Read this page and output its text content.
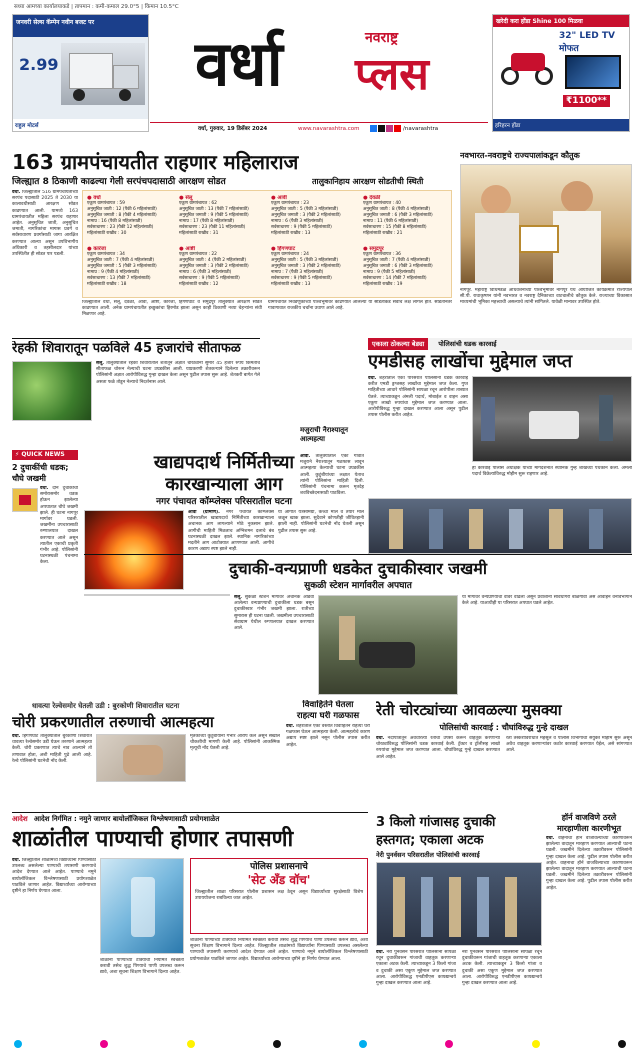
सध्या आमच्या कार्यालयाकडे | तापमान : कमी-कमाल 29.0°5 | किमान 10.5°C
जनवरी सेल्स कॅम्पेन नवीन बजट पर
2.99
राहुल मोटर्स
वर्धा	नवराष्ट्र
प्लस
वर्धा, गुरुवार, 19 डिसेंबर 2024	www.navarashtra.com	/navarashtra
खरेदी करा होंडा Shine 100 मिळवा
32" LED TV मोफत
₹1100**
हरिहरन होंडा
163 ग्रामपंचायतीत राहणार महिलाराज
जिल्ह्यात 8 ठिकाणी काढल्या गेली सरपंचपदासाठी आरक्षण सोडत	तालुकानिहाय आरक्षण सोडतीची स्थिती
वर्धा. जिल्ह्यातील 516 ग्रामपंचायतीच्या सरपंच पदासाठी 2025 ते 2030 या कालावधीसाठी आरक्षण सोडत काढण्यात आली. यामध्ये 163 ग्रामपंचायतीत महिला सरपंच राहणार आहेत. अनुसूचित जाती, अनुसूचित जमाती, नागरिकांचा मागास प्रवर्ग व सर्वसाधारण प्रवर्गासाठी जागा आरक्षित करण्यात आल्या असून उपविभागीय अधिकारी व तहसीलदार यांच्या उपस्थितीत ही सोडत पार पडली.
● वर्धा
एकूण ग्रामपंचायत : 59
अनुसूचित जाती : 12 (पैकी 6 महिलांसाठी)
अनुसूचित जमाती : 8 (पैकी 4 महिलांसाठी)
नामाप्र : 16 (पैकी 8 महिलांसाठी)
सर्वसाधारण : 23 (पैकी 12 महिलांसाठी)
महिलांसाठी राखीव : 30
● सेलू
एकूण ग्रामपंचायत : 62
अनुसूचित जाती : 13 (पैकी 7 महिलांसाठी)
अनुसूचित जमाती : 9 (पैकी 5 महिलांसाठी)
नामाप्र : 17 (पैकी 8 महिलांसाठी)
सर्वसाधारण : 23 (पैकी 11 महिलांसाठी)
महिलांसाठी राखीव : 31
● आर्वी
एकूण ग्रामपंचायत : 23
अनुसूचित जाती : 5 (पैकी 3 महिलांसाठी)
अनुसूचित जमाती : 3 (पैकी 2 महिलांसाठी)
नामाप्र : 6 (पैकी 3 महिलांसाठी)
सर्वसाधारण : 9 (पैकी 5 महिलांसाठी)
महिलांसाठी राखीव : 13
● देवळी
एकूण ग्रामपंचायत : 40
अनुसूचित जाती : 8 (पैकी 4 महिलांसाठी)
अनुसूचित जमाती : 6 (पैकी 3 महिलांसाठी)
नामाप्र : 11 (पैकी 6 महिलांसाठी)
सर्वसाधारण : 15 (पैकी 8 महिलांसाठी)
महिलांसाठी राखीव : 21
● कारंजा
एकूण ग्रामपंचायत : 34
अनुसूचित जाती : 7 (पैकी 4 महिलांसाठी)
अनुसूचित जमाती : 5 (पैकी 3 महिलांसाठी)
नामाप्र : 9 (पैकी 4 महिलांसाठी)
सर्वसाधारण : 13 (पैकी 7 महिलांसाठी)
महिलांसाठी राखीव : 18
● आष्टी
एकूण ग्रामपंचायत : 22
अनुसूचित जाती : 4 (पैकी 2 महिलांसाठी)
अनुसूचित जमाती : 3 (पैकी 2 महिलांसाठी)
नामाप्र : 6 (पैकी 3 महिलांसाठी)
सर्वसाधारण : 9 (पैकी 5 महिलांसाठी)
महिलांसाठी राखीव : 12
● हिंगणघाट
एकूण ग्रामपंचायत : 24
अनुसूचित जाती : 5 (पैकी 3 महिलांसाठी)
अनुसूचित जमाती : 3 (पैकी 2 महिलांसाठी)
नामाप्र : 7 (पैकी 3 महिलांसाठी)
सर्वसाधारण : 9 (पैकी 5 महिलांसाठी)
महिलांसाठी राखीव : 13
● समुद्रपूर
एकूण ग्रामपंचायत : 36
अनुसूचित जाती : 7 (पैकी 4 महिलांसाठी)
अनुसूचित जमाती : 6 (पैकी 3 महिलांसाठी)
नामाप्र : 9 (पैकी 5 महिलांसाठी)
सर्वसाधारण : 14 (पैकी 7 महिलांसाठी)
महिलांसाठी राखीव : 19
जिल्ह्यातील वर्धा, सेलू, देवळी, आर्वी, आष्टी, कारंजा, हिंगणघाट व समुद्रपूर तालुक्यात आरक्षण सोडत काढण्यात आली. अनेक ग्रामपंचायतीत इच्छुकांचा हिरमोड झाला असून काही ठिकाणी नव्या चेहऱ्यांना संधी मिळणार आहे.
ग्रामपंचायत निवडणुकीच्या पार्श्वभूमीवर काढण्यात आलेल्या या सोडतीकडे सर्वांचे लक्ष लागले होते. सोडतीनंतर गावागावात राजकीय चर्चांना उधाण आले आहे.
नवभारत-नवराष्ट्रचे राज्यपालांकडून कौतुक
नागपूर. महाराष्ट्र विधिमंडळ अधिवेशनाच्या पार्श्वभूमीवर नागपूर येथे आयोजित कार्यक्रमात राज्यपाल सी.पी. राधाकृष्णन यांनी नवभारत व नवराष्ट्र दैनिकाच्या वाटचालीचे कौतुक केले. राज्याच्या विकासात माध्यमांची भूमिका महत्त्वाची असल्याचे त्यांनी सांगितले. यावेळी मान्यवर उपस्थित होते.
रेहकी शिवारातून पळविले 45 हजारांचे सीताफळ
सेलू. तालुक्यातील रेहकी शिवारातील शेतातून अज्ञात चोरट्यांनी सुमारे 45 हजार रुपये किमतीचे सीताफळ चोरून नेल्याची घटना उघडकीस आली. याप्रकरणी शेतकऱ्याने दिलेल्या तक्रारीवरून पोलिसांनी अज्ञात आरोपीविरुद्ध गुन्हा दाखल केला असून पुढील तपास सुरू आहे. शेतकरी बागेत गेले असता फळे तोडून नेल्याचे निदर्शनास आले.
एकाला ठोकल्या बेड्या पोलिसांची धडक कारवाई
एमडीसह लाखोंचा मुद्देमाल जप्त
वर्धा. शहरातील एका परिसरात पोलिसांनी धडक कारवाई करीत एमडी ड्रग्जसह लाखोंचा मुद्देमाल जप्त केला. गुप्त माहितीच्या आधारे पोलिसांनी सापळा रचून आरोपीला ताब्यात घेतले. त्याच्याकडून अंमली पदार्थ, मोबाईल व वाहन असा एकूण लाखो रुपयांचा मुद्देमाल जप्त करण्यात आला. आरोपीविरुद्ध गुन्हा दाखल करण्यात आला असून पुढील तपास पोलीस करीत आहेत.
ही कारवाई पोलीस अधीक्षक यांच्या मार्गदर्शनात स्थानिक गुन्हे शाखेच्या पथकाने केली. अंमली पदार्थ विक्रेत्यांविरुद्ध मोहीम सुरू राहणार आहे.
⚡ QUICK NEWS
2 दुचाकींची धडक; चौघे जखमी
वर्धा. दोन दुचाकींची समोरासमोर धडक होऊन झालेल्या अपघातात चौघे जखमी झाले. ही घटना नागपूर मार्गावर घडली. जखमींना उपचारासाठी रुग्णालयात दाखल करण्यात आले असून त्यातील एकाची प्रकृती गंभीर आहे. पोलिसांनी घटनास्थळी पंचनामा केला.
खाद्यपदार्थ निर्मितीच्या
कारखान्याला आग
नगर पंचायत कॉम्प्लेक्स परिसरातील घटना
आर्वी (ग्रामीण). नगर पंचायत कॉम्प्लेक्स परिसरातील खाद्यपदार्थ निर्मितीच्या कारखान्याला अचानक आग लागल्याने मोठे नुकसान झाले. आगीची माहिती मिळताच अग्निशमन दलाचे बंब घटनास्थळी दाखल झाले. स्थानिक नागरिकांच्या मदतीने आग आटोक्यात आणण्यात आली. आगीचे कारण अद्याप स्पष्ट झाले नाही.
या आगीत यंत्रसामग्री, कच्चा माल व तयार माल जळून खाक झाला. सुदैवाने कोणतीही जीवितहानी झाली नाही. पोलिसांनी घटनेची नोंद घेतली असून पुढील तपास सुरू आहे.
मजुराची नैराश्यातून आत्महत्या
आर्वी. तालुक्यातील एका गावात मजुराने नैराश्यातून गळफास लावून आत्महत्या केल्याची घटना उघडकीस आली. कुटुंबीयांच्या लक्षात येताच त्यांनी पोलिसांना माहिती दिली. पोलिसांनी पंचनामा करून मृतदेह शवविच्छेदनासाठी पाठविला.
दुचाकी-वन्यप्राणी धडकेत दुचाकीस्वार जखमी
सुकळी स्टेशन मार्गावरील अपघात
सेलू. सुकळी स्टेशन मार्गावर अचानक आडवा आलेल्या वन्यप्राण्याची दुचाकीला धडक बसून दुचाकीस्वार गंभीर जखमी झाला. रात्रीच्या सुमारास ही घटना घडली. जखमीला उपचारासाठी सेवाग्राम येथील रुग्णालयात दाखल करण्यात आले.
या मार्गावर वन्यप्राण्यांचा वावर वाढला असून प्रवाशांनी सावधगिरी बाळगावी असे आवाहन वनविभागाने केले आहे. याआधीही या परिसरात अपघात घडले आहेत.
धावत्या रेल्वेसमोर घेतली उडी : बुरकोणी शिवारातील घटना
चोरी प्रकरणातील तरुणाची आत्महत्या
वर्धा. हिंगणघाट तालुक्यातील बुरकोणी शिवारात धावत्या रेल्वेसमोर उडी घेऊन तरुणाने आत्महत्या केली. चोरी प्रकरणात त्याचे नाव आल्याने तो तणावात होता, अशी माहिती पुढे आली आहे. रेल्वे पोलिसांनी घटनेची नोंद केली.
मृतकाच्या कुटुंबीयांनी गंभीर आरोप केले असून सखोल चौकशीची मागणी केली आहे. पोलिसांनी आकस्मिक मृत्यूची नोंद घेतली आहे.
विवाहितेने घेतला
राहत्या घरी गळफास
वर्धा. शहरातील एका वस्तीत विवाहितेने राहत्या घरी गळफास घेऊन आत्महत्या केली. आत्महत्येचे कारण अद्याप स्पष्ट झाले नसून पोलीस तपास करीत आहेत.
रेती चोरट्यांच्या आवळल्या मुसक्या
पोलिसांची कारवाई : चौघांविरुद्ध गुन्हे दाखल
वर्धा. नदीपात्रातून अवैधरित्या रेतीचा उपसा करून वाहतूक करणाऱ्या चोरट्यांविरुद्ध पोलिसांनी धडक कारवाई केली. ट्रॅक्टर व ट्रॉलीसह लाखो रुपयांचा मुद्देमाल जप्त करण्यात आला. चौघांविरुद्ध गुन्हे दाखल करण्यात आले आहेत.
रेती तस्करीविरोधात महसूल व पोलीस विभागाची संयुक्त मोहीम सुरू असून अवैध वाहतूक करणाऱ्यांवर कठोर कारवाई करण्यात येईल, असे सांगण्यात आले.
आदेश आदेश निर्गमित : नमुने जाणार बायोलॉजिकल विश्लेषणासाठी प्रयोगशाळेत
शाळांतील पाण्याची होणार तपासणी
वर्धा. जिल्ह्यातील शाळांमध्ये विद्यार्थ्यांना पिण्यासाठी उपलब्ध असलेल्या पाण्याची तपासणी करण्याचे आदेश देण्यात आले आहेत. पाण्याचे नमुने बायोलॉजिकल विश्लेषणासाठी प्रयोगशाळेत पाठविले जाणार आहेत. विद्यार्थ्यांच्या आरोग्याच्या दृष्टीने हा निर्णय घेण्यात आला.
शाळांनी पाण्याच्या टाक्यांची नियमित स्वच्छता करावी तसेच शुद्ध पिण्याचे पाणी उपलब्ध करून द्यावे, अशा सूचना शिक्षण विभागाने दिल्या आहेत.
पोलिस प्रशासनाचे
'सेट अँड वॉच'
जिल्ह्यातील शाळा परिसरात पोलीस प्रशासन लक्ष ठेवून असून विद्यार्थ्यांच्या सुरक्षेसाठी विशेष उपाययोजना राबविल्या जात आहेत.
शाळांनी पाण्याच्या टाक्यांची नियमित स्वच्छता करावी तसेच शुद्ध पिण्याचे पाणी उपलब्ध करून द्यावे, अशा सूचना शिक्षण विभागाने दिल्या आहेत. जिल्ह्यातील शाळांमध्ये विद्यार्थ्यांना पिण्यासाठी उपलब्ध असलेल्या पाण्याची तपासणी करण्याचे आदेश देण्यात आले आहेत. पाण्याचे नमुने बायोलॉजिकल विश्लेषणासाठी प्रयोगशाळेत पाठविले जाणार आहेत. विद्यार्थ्यांच्या आरोग्याच्या दृष्टीने हा निर्णय घेण्यात आला.
3 किलो गांजासह दुचाकी
हस्तगत; एकाला अटक
नेरी पुनर्वसन परिसरातील पोलिसांची कारवाई
वर्धा. नेरी पुनर्वसन परिसरात पोलिसांनी सापळा रचून दुचाकीवरून गांजाची वाहतूक करणाऱ्या एकाला अटक केली. त्याच्याकडून 3 किलो गांजा व दुचाकी असा एकूण मुद्देमाल जप्त करण्यात आला. आरोपीविरुद्ध एनडीपीएस कायद्यान्वये गुन्हा दाखल करण्यात आला आहे.
नेरी पुनर्वसन परिसरात पोलिसांनी सापळा रचून दुचाकीवरून गांजाची वाहतूक करणाऱ्या एकाला अटक केली. त्याच्याकडून 3 किलो गांजा व दुचाकी असा एकूण मुद्देमाल जप्त करण्यात आला. आरोपीविरुद्ध एनडीपीएस कायद्यान्वये गुन्हा दाखल करण्यात आला आहे.
हॉर्न वाजविणे ठरले
मारहाणीला कारणीभूत
वर्धा. वाहनाचा हॉर्न वाजविल्याच्या कारणावरून झालेल्या वादातून मारहाण करण्यात आल्याची घटना घडली. जखमीने दिलेल्या तक्रारीवरून पोलिसांनी गुन्हा दाखल केला आहे. पुढील तपास पोलीस करीत आहेत. वाहनाचा हॉर्न वाजविल्याच्या कारणावरून झालेल्या वादातून मारहाण करण्यात आल्याची घटना घडली. जखमीने दिलेल्या तक्रारीवरून पोलिसांनी गुन्हा दाखल केला आहे. पुढील तपास पोलीस करीत आहेत.
